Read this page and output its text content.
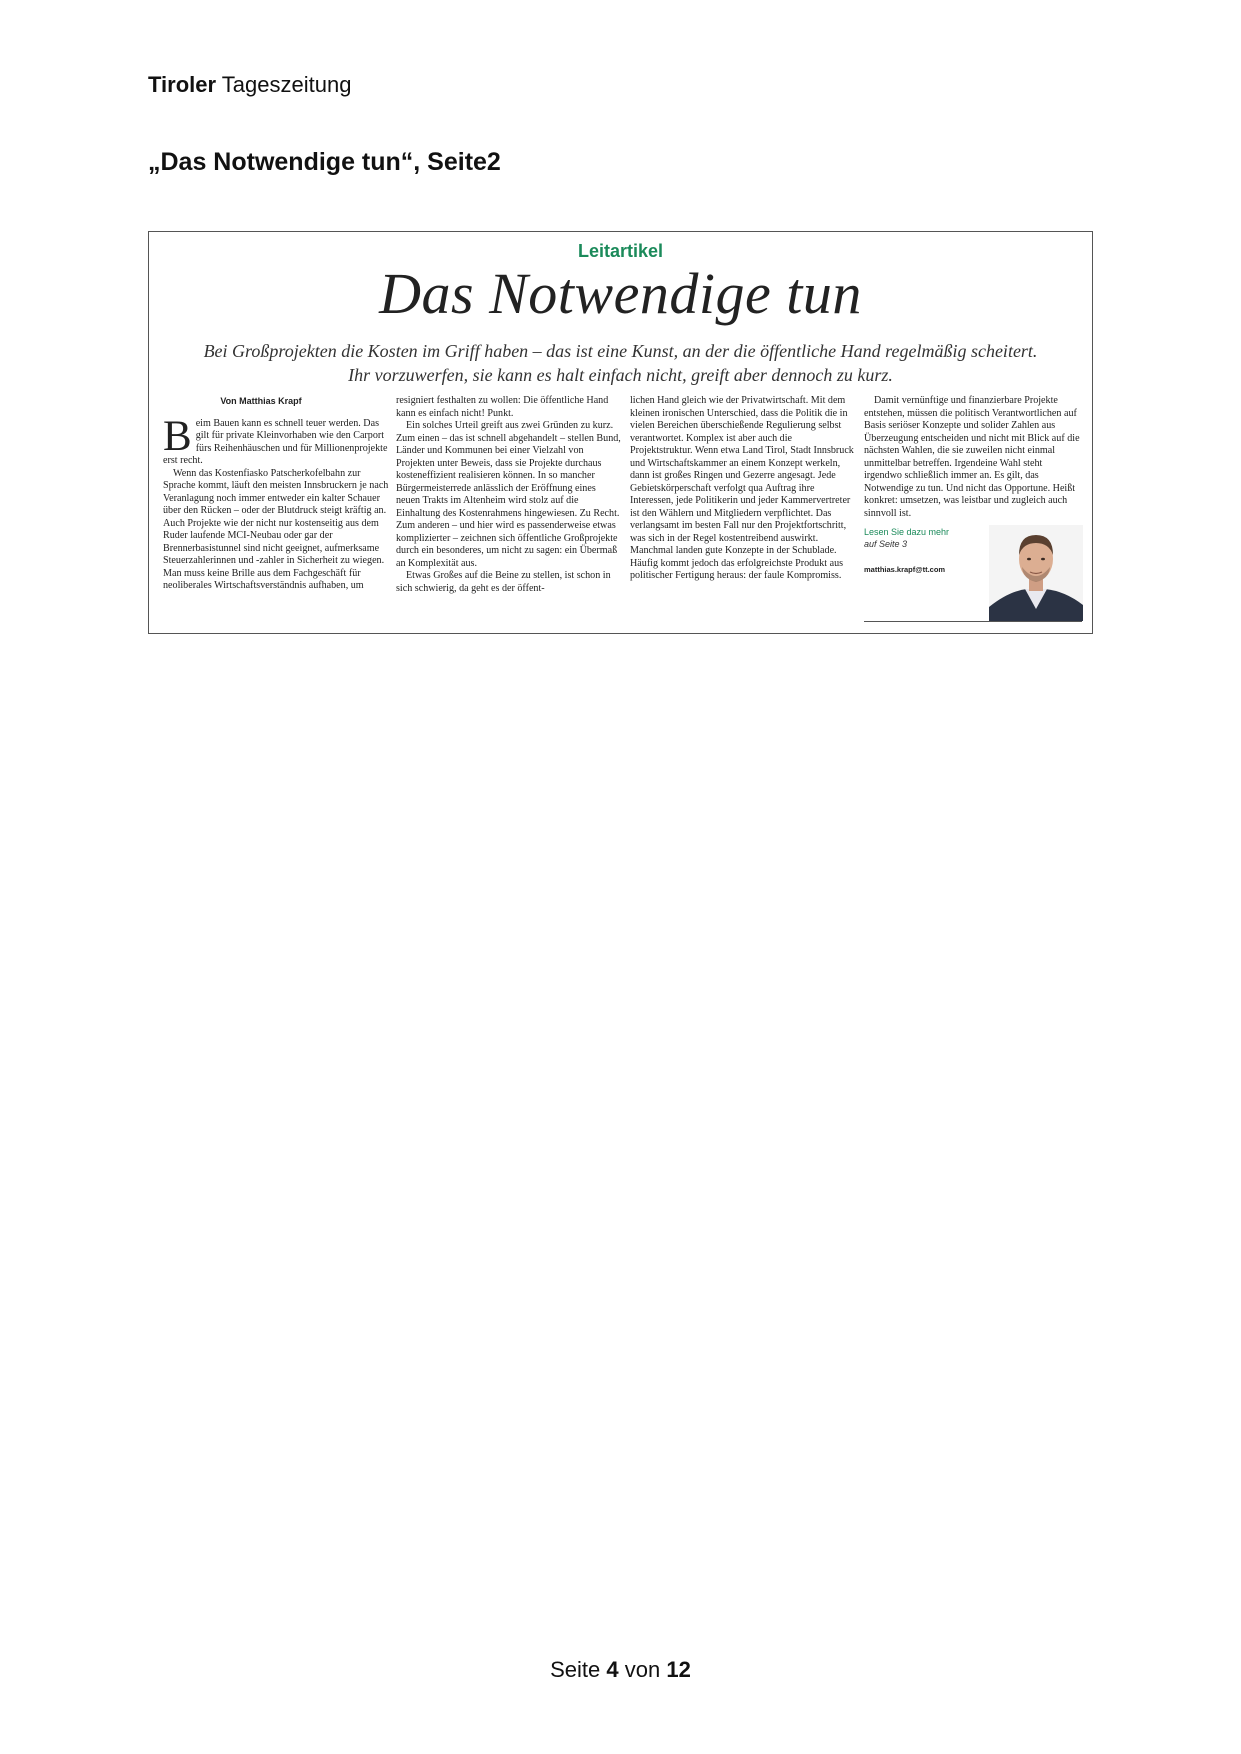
Tiroler Tageszeitung
„Das Notwendige tun“, Seite2
Leitartikel
Das Notwendige tun
Bei Großprojekten die Kosten im Griff haben – das ist eine Kunst, an der die öffentliche Hand regelmäßig scheitert.
Ihr vorzuwerfen, sie kann es halt einfach nicht, greift aber dennoch zu kurz.
Von Matthias Krapf

Beim Bauen kann es schnell teuer werden. Das gilt für private Kleinvorhaben wie den Carport fürs Reihenhäuschen und für Millionenprojekte erst recht.

Wenn das Kostenfiasko Patscherkofelbahn zur Sprache kommt, läuft den meisten Innsbruckern je nach Veranlagung noch immer entweder ein kalter Schauer über den Rücken – oder der Blutdruck steigt kräftig an. Auch Projekte wie der nicht nur kostenseitig aus dem Ruder laufende MCI-Neubau oder gar der Brennerbasistunnel sind nicht geeignet, aufmerksame Steuerzahlerinnen und -zahler in Sicherheit zu wiegen. Man muss keine Brille aus dem Fachgeschäft für neoliberales Wirtschaftsverständnis aufhaben, um

resigniert festhalten zu wollen: Die öffentliche Hand kann es einfach nicht! Punkt.

Ein solches Urteil greift aus zwei Gründen zu kurz. Zum einen – das ist schnell abgehandelt – stellen Bund, Länder und Kommunen bei einer Vielzahl von Projekten unter Beweis, dass sie Projekte durchaus kosteneffizient realisieren können. In so mancher Bürgermeisterrede anlässlich der Eröffnung eines neuen Trakts im Altenheim wird stolz auf die Einhaltung des Kostenrahmens hingewiesen. Zu Recht. Zum anderen – und hier wird es passenderweise etwas komplizierter – zeichnen sich öffentliche Großprojekte durch ein besonderes, um nicht zu sagen: ein Übermaß an Komplexität aus.

Etwas Großes auf die Beine zu stellen, ist schon in sich schwierig, da geht es der öffent-

lichen Hand gleich wie der Privatwirtschaft. Mit dem kleinen ironischen Unterschied, dass die Politik die in vielen Bereichen überschießende Regulierung selbst verantwortet. Komplex ist aber auch die Projektstruktur. Wenn etwa Land Tirol, Stadt Innsbruck und Wirtschaftskammer an einem Konzept werkeln, dann ist großes Ringen und Gezerre angesagt. Jede Gebietskörperschaft verfolgt qua Auftrag ihre Interessen, jede Politikerin und jeder Kammervertreter ist den Wählern und Mitgliedern verpflichtet. Das verlangsamt im besten Fall nur den Projektfortschritt, was sich in der Regel kostentreibend auswirkt. Manchmal landen gute Konzepte in der Schublade. Häufig kommt jedoch das erfolgreichste Produkt aus politischer Fertigung heraus: der faule Kompromiss.

Damit vernünftige und finanzierbare Projekte entstehen, müssen die politisch Verantwortlichen auf Basis seriöser Konzepte und solider Zahlen aus Überzeugung entscheiden und nicht mit Blick auf die nächsten Wahlen, die sie zuweilen nicht einmal unmittelbar betreffen. Irgendeine Wahl steht irgendwo schließlich immer an. Es gilt, das Notwendige zu tun. Und nicht das Opportune. Heißt konkret: umsetzen, was leistbar und zugleich auch sinnvoll ist.

Lesen Sie dazu mehr
auf Seite 3
matthias.krapf@tt.com
Seite 4 von 12
